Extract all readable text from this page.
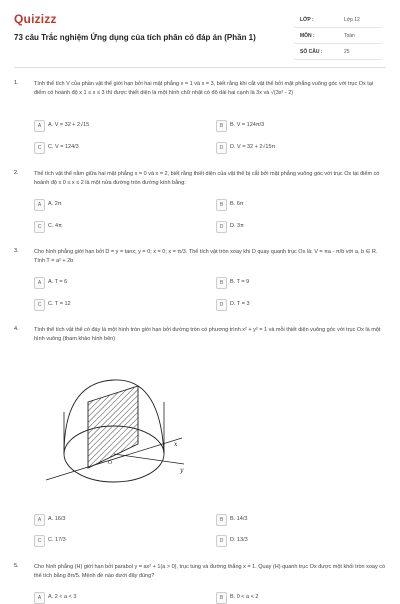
Quizizz
73 câu Trắc nghiệm Ứng dụng của tích phân có đáp án (Phần 1)
LỚP :	Lớp 12
MÔN :	Toán
SỐ CÂU :	25
1.	Tính thể tích V của phần vật thể giới hạn bởi hai mặt phẳng x = 1 và x = 3, biết rằng khi cắt vật thể bởi mặt phẳng vuông góc với trục Ox tại điểm có hoành độ x 1 ≤ x ≤ 3 thì được thiết diện là một hình chữ nhật có độ dài hai cạnh là 3x và √(3x² - 2)
A	A. V = 32 + 2√15	B	B. V = 124π/3
C	C. V = 124/3	D	D. V = 32 + 2√15π
2.	Thể tích vật thể nằm giữa hai mặt phẳng x = 0 và x = 2, biết rằng thiết diện của vật thể bị cắt bởi mặt phẳng vuông góc với trục Ox tại điểm có hoành độ x 0 ≤ x ≤ 2 là một nửa đường tròn đường kính bằng:
A	A. 2π	B	B. 6π
C	C. 4π	D	D. 3π
3.	Cho hình phẳng giới hạn bởi D = y = tanx; y = 0; x = 0; x = π/3. Thể tích vật tròn xoay khi D quay quanh trục Ox là: V = πa - π/b với a, b ∈ R. Tính T = a² + 2b
A	A. T = 6	B	B. T = 9
C	C. T = 12	D	D. T = 3
4.	Tính thể tích vật thể có đáy là một hình tròn giới hạn bởi đường tròn có phương trình x² + y² = 1 và mỗi thiết diện vuông góc với trục Ox là một hình vuông (tham khảo hình bên)
A	A. 16/3	B	B. 14/3
C	C. 17/3	D	D. 13/3
x
y
O
5.	Cho hình phẳng (H) giới hạn bởi parabol y = ax² + 1(a > 0), trục tung và đường thẳng x = 1. Quay (H) quanh trục Ox được một khối tròn xoay có thể tích bằng 8π/5. Mệnh đề nào dưới đây đúng?
A	A. 2 < a < 3	B	B. 0 < a < 2
